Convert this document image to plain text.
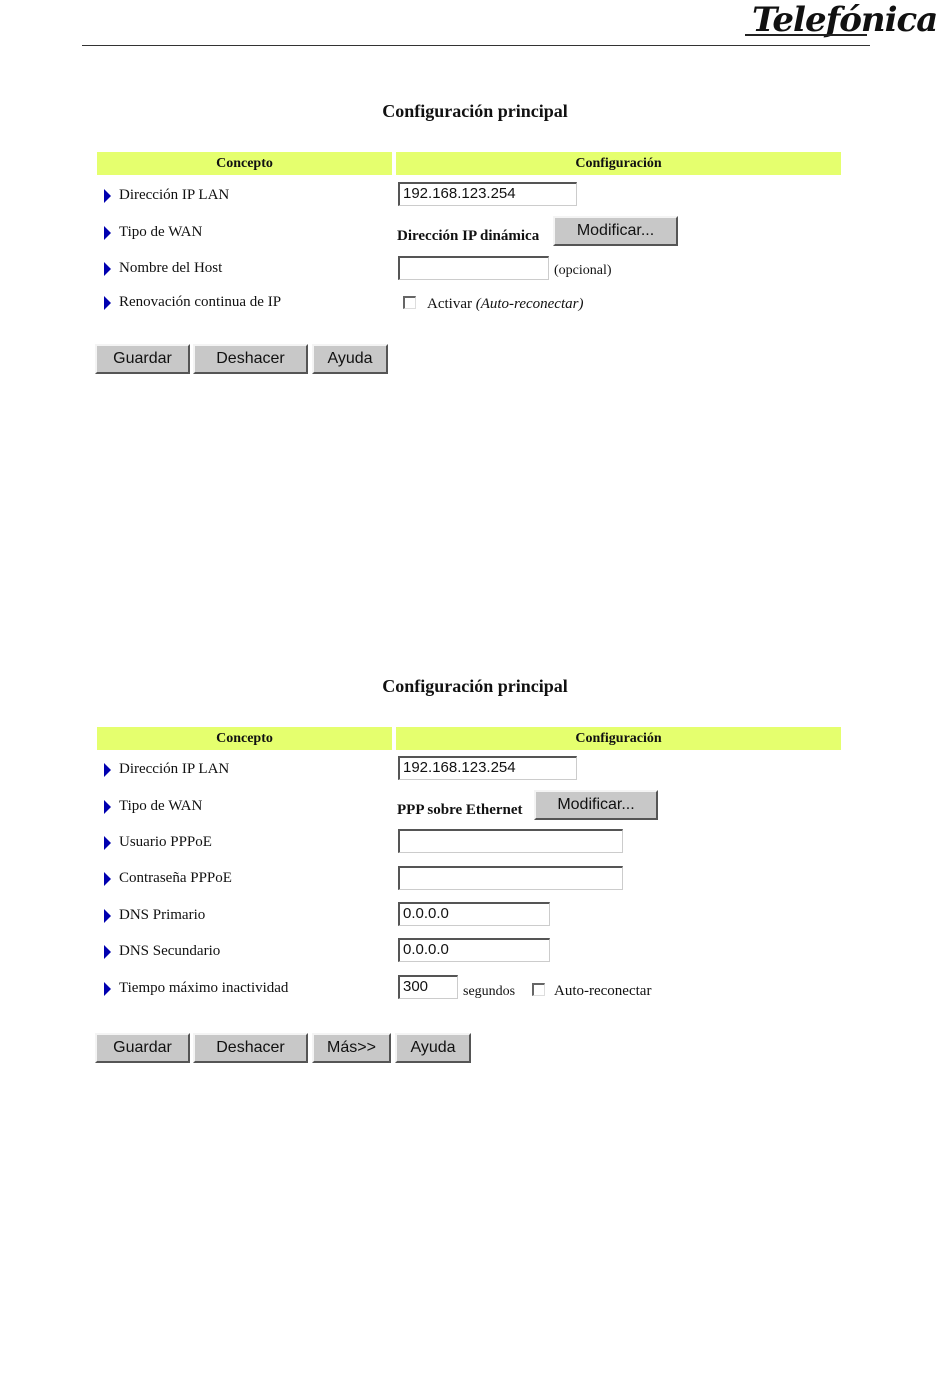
Telefónica
Configuración principal
Concepto	Configuración
Dirección IP LAN	192.168.123.254
Tipo de WAN	Dirección IP dinámica	Modificar...
Nombre del Host	(opcional)
Renovación continua de IP	Activar (Auto-reconectar)
Guardar	Deshacer	Ayuda
Configuración principal
Concepto	Configuración
Dirección IP LAN	192.168.123.254
Tipo de WAN	PPP sobre Ethernet	Modificar...
Usuario PPPoE
Contraseña PPPoE
DNS Primario	0.0.0.0
DNS Secundario	0.0.0.0
Tiempo máximo inactividad	300	segundos	Auto-reconectar
Guardar	Deshacer	Más>>	Ayuda
